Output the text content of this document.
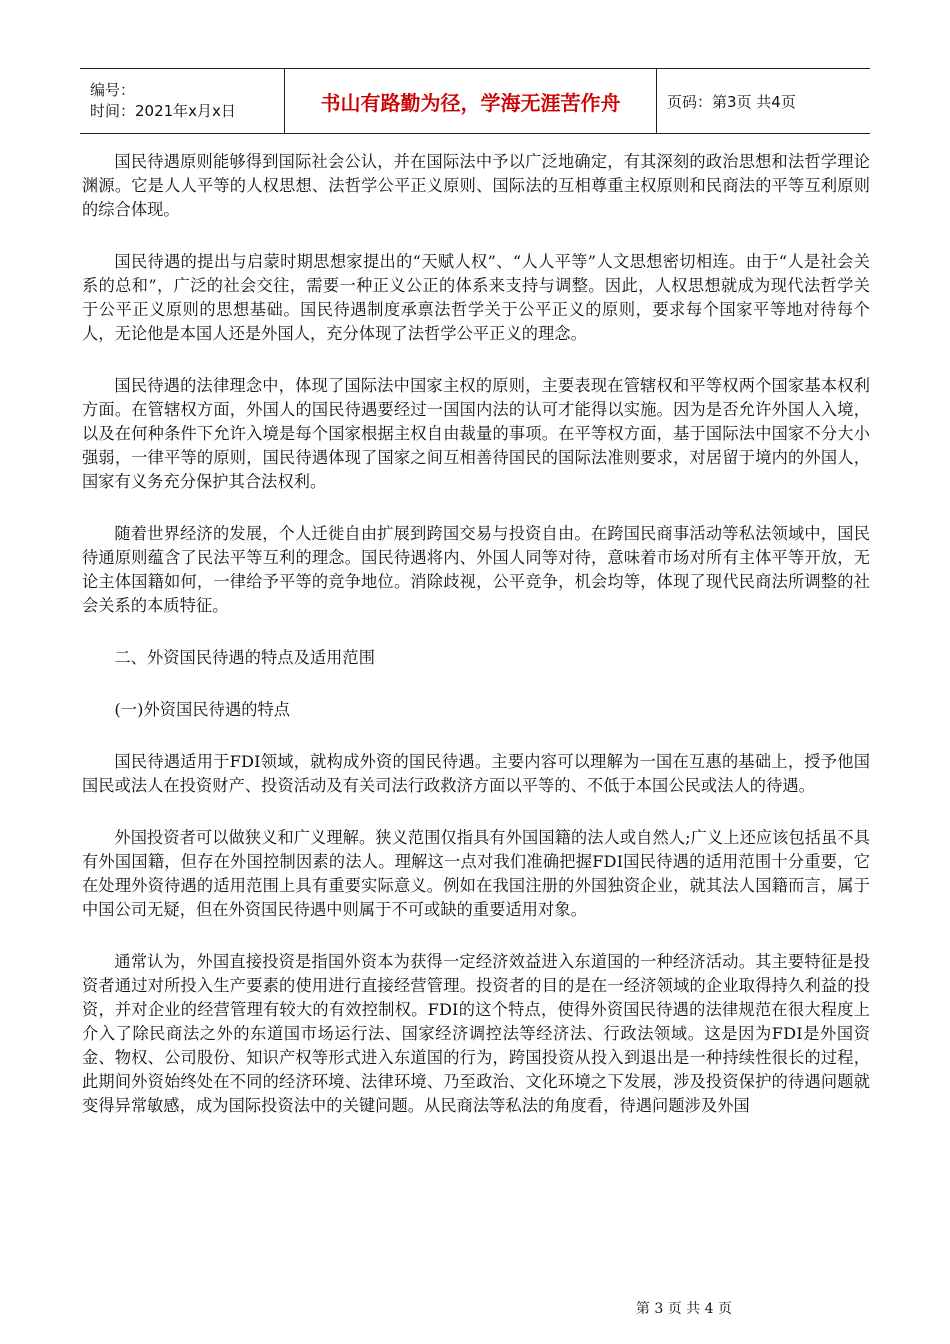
编号：
时间：2021年x月x日	书山有路勤为径，学海无涯苦作舟	页码：第3页 共4页

国民待遇原则能够得到国际社会公认，并在国际法中予以广泛地确定，有其深刻的政治思想和法哲学理论渊源。它是人人平等的人权思想、法哲学公平正义原则、国际法的互相尊重主权原则和民商法的平等互利原则的综合体现。

国民待遇的提出与启蒙时期思想家提出的“天赋人权”、“人人平等”人文思想密切相连。由于“人是社会关系的总和”，广泛的社会交往，需要一种正义公正的体系来支持与调整。因此，人权思想就成为现代法哲学关于公平正义原则的思想基础。国民待遇制度承禀法哲学关于公平正义的原则，要求每个国家平等地对待每个人，无论他是本国人还是外国人，充分体现了法哲学公平正义的理念。

国民待遇的法律理念中，体现了国际法中国家主权的原则，主要表现在管辖权和平等权两个国家基本权利方面。在管辖权方面，外国人的国民待遇要经过一国国内法的认可才能得以实施。因为是否允许外国人入境，以及在何种条件下允许入境是每个国家根据主权自由裁量的事项。在平等权方面，基于国际法中国家不分大小强弱，一律平等的原则，国民待遇体现了国家之间互相善待国民的国际法准则要求，对居留于境内的外国人，国家有义务充分保护其合法权利。

随着世界经济的发展，个人迁徙自由扩展到跨国交易与投资自由。在跨国民商事活动等私法领域中，国民待通原则蕴含了民法平等互利的理念。国民待遇将内、外国人同等对待，意味着市场对所有主体平等开放，无论主体国籍如何，一律给予平等的竞争地位。消除歧视，公平竞争，机会均等，体现了现代民商法所调整的社会关系的本质特征。

二、外资国民待遇的特点及适用范围

(一)外资国民待遇的特点

国民待遇适用于FDI领域，就构成外资的国民待遇。主要内容可以理解为一国在互惠的基础上，授予他国国民或法人在投资财产、投资活动及有关司法行政救济方面以平等的、不低于本国公民或法人的待遇。

外国投资者可以做狭义和广义理解。狭义范围仅指具有外国国籍的法人或自然人;广义上还应该包括虽不具有外国国籍，但存在外国控制因素的法人。理解这一点对我们准确把握FDI国民待遇的适用范围十分重要，它在处理外资待遇的适用范围上具有重要实际意义。例如在我国注册的外国独资企业，就其法人国籍而言，属于中国公司无疑，但在外资国民待遇中则属于不可或缺的重要适用对象。

通常认为，外国直接投资是指国外资本为获得一定经济效益进入东道国的一种经济活动。其主要特征是投资者通过对所投入生产要素的使用进行直接经营管理。投资者的目的是在一经济领域的企业取得持久利益的投资，并对企业的经营管理有较大的有效控制权。FDI的这个特点，使得外资国民待遇的法律规范在很大程度上介入了除民商法之外的东道国市场运行法、国家经济调控法等经济法、行政法领域。这是因为FDI是外国资金、物权、公司股份、知识产权等形式进入东道国的行为，跨国投资从投入到退出是一种持续性很长的过程，此期间外资始终处在不同的经济环境、法律环境、乃至政治、文化环境之下发展，涉及投资保护的待遇问题就变得异常敏感，成为国际投资法中的关键问题。从民商法等私法的角度看，待遇问题涉及外国

第 3 页 共 4 页
